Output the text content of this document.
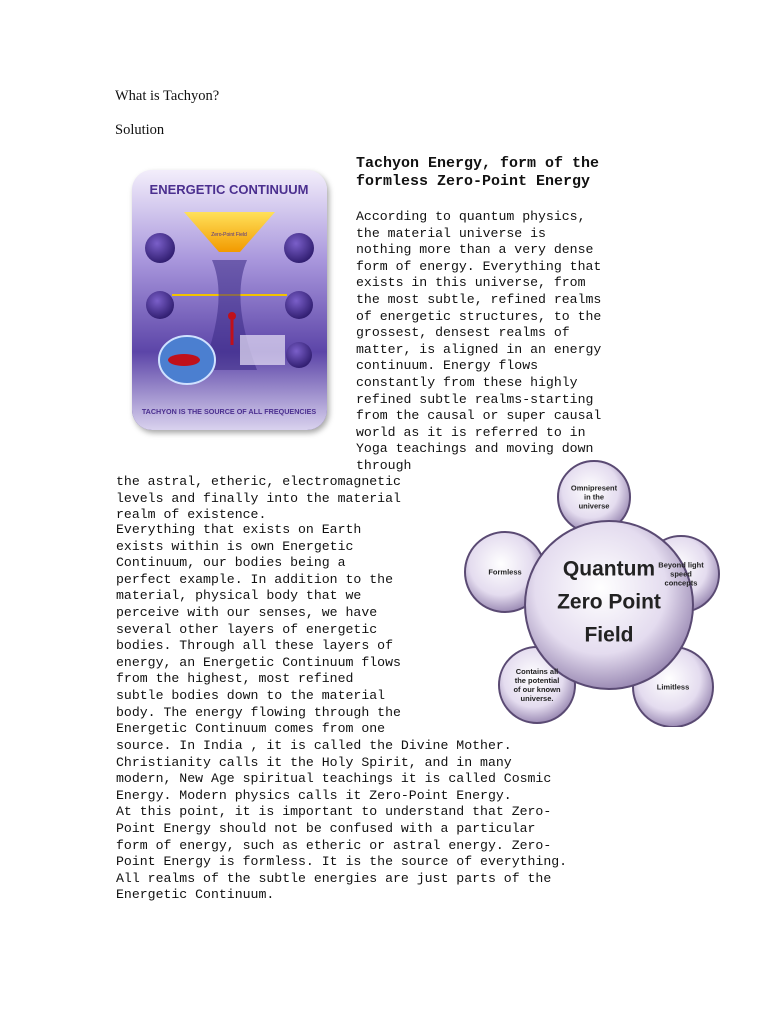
What is Tachyon?
Solution
ENERGETIC CONTINUUM
Zero-Point Field
TACHYON IS THE SOURCE OF ALL FREQUENCIES
Tachyon Energy, form of the
formless Zero-Point Energy
According to quantum physics,
the material universe is
nothing more than a very dense
form of energy. Everything that
exists in this universe, from
the most subtle, refined realms
of energetic structures, to the
grossest, densest realms of
matter, is aligned in an energy
continuum. Energy flows
constantly from these highly
refined subtle realms-starting
from the causal or super causal
world as it is referred to in
Yoga teachings and moving down
through
the astral, etheric, electromagnetic
levels and finally into the material
realm of existence.
Everything that exists on Earth
exists within is own Energetic
Continuum, our bodies being a
perfect example. In addition to the
material, physical body that we
perceive with our senses, we have
several other layers of energetic
bodies. Through all these layers of
energy, an Energetic Continuum flows
from the highest, most refined
subtle bodies down to the material
body. The energy flowing through the
Energetic Continuum comes from one
source. In India , it is called the Divine Mother.
Christianity calls it the Holy Spirit, and in many
modern, New Age spiritual teachings it is called Cosmic
Energy. Modern physics calls it Zero-Point Energy.
At this point, it is important to understand that Zero-
Point Energy should not be confused with a particular
form of energy, such as etheric or astral energy. Zero-
Point Energy is formless. It is the source of everything.
All realms of the subtle energies are just parts of the
Energetic Continuum.
Omnipresent in the universe
Formless
Beyond light speed concepts
Contains all the potential of our known universe.
Limitless
Quantum Zero Point Field
